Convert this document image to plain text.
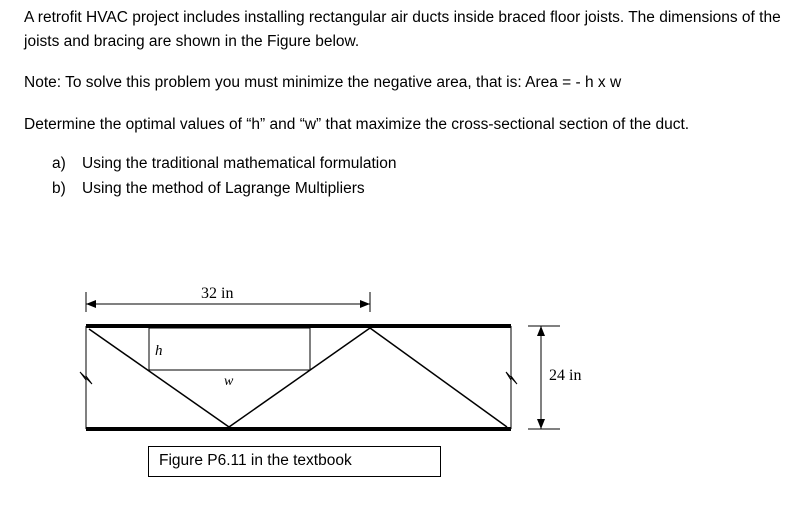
A retrofit HVAC project includes installing rectangular air ducts inside braced floor joists. The dimensions of the joists and bracing are shown in the Figure below.

Note: To solve this problem you must minimize the negative area, that is: Area = - h x w

Determine the optimal values of “h” and “w” that maximize the cross-sectional section of the duct.

a) Using the traditional mathematical formulation
b) Using the method of Lagrange Multipliers
32 in
24 in
h
w
Figure P6.11 in the textbook
